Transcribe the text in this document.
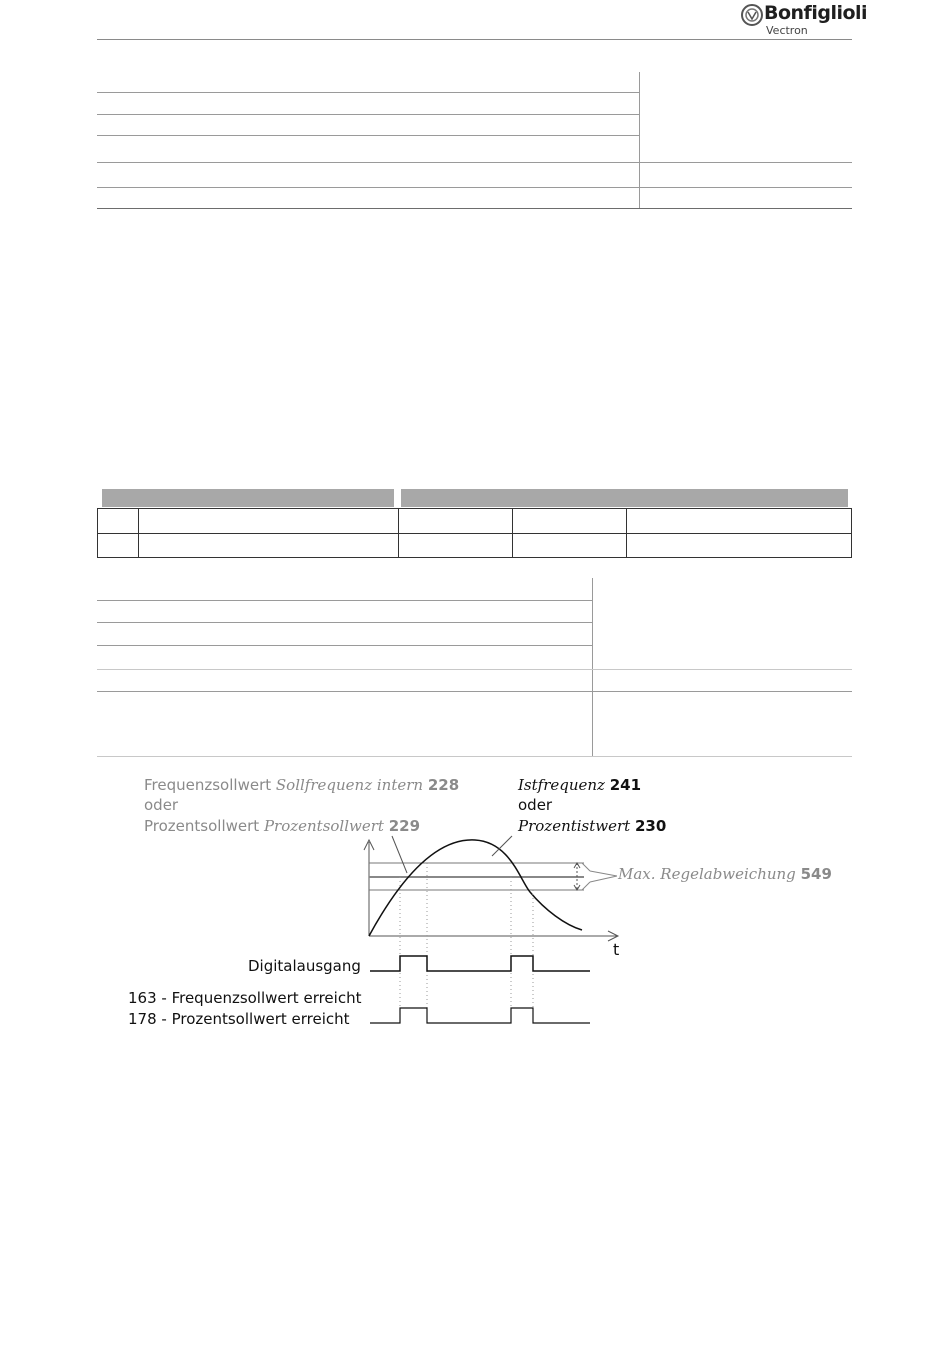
Bonfiglioli
Vectron
Frequenzsollwert Sollfrequenz intern 228
oder
Prozentsollwert Prozentsollwert 229
Istfrequenz 241
oder
Prozentistwert 230
Max. Regelabweichung 549
Digitalausgang
163 - Frequenzsollwert erreicht
178 - Prozentsollwert erreicht
t
